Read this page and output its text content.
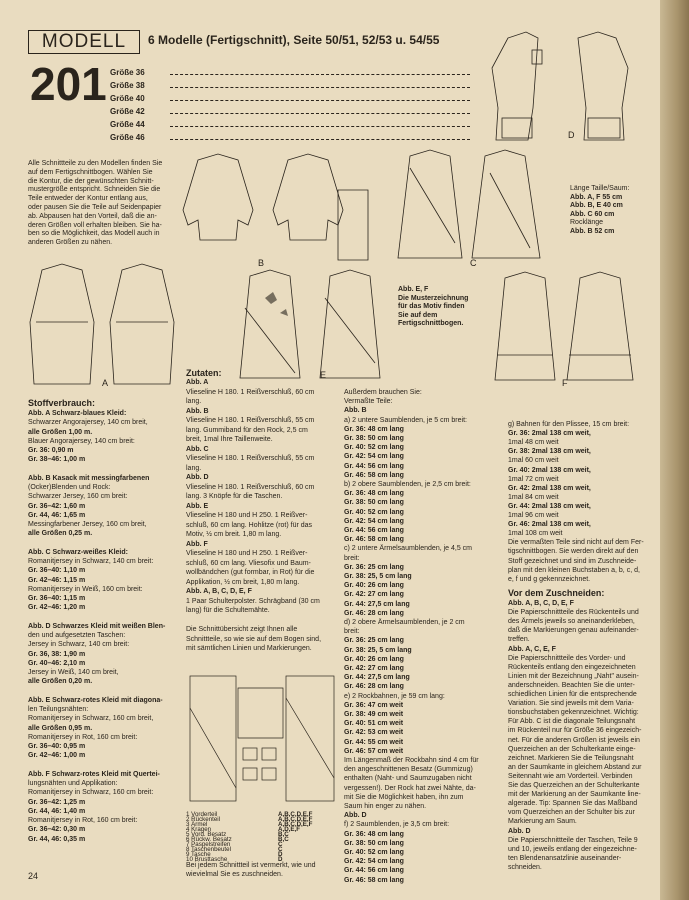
MODELL
201
6 Modelle (Fertigschnitt), Seite 50/51, 52/53 u. 54/55
Größe 36
Größe 38
Größe 40
Größe 42
Größe 44
Größe 46
Alle Schnittteile zu den Modellen finden Sie
auf dem Fertigschnittbogen. Wählen Sie
die Kontur, die der gewünschten Schnitt-
mustergröße entspricht. Schneiden Sie die
Teile entweder der Kontur entlang aus,
oder pausen Sie die Teile auf Seidenpapier
ab. Abpausen hat den Vorteil, daß die an-
deren Größen voll erhalten bleiben. Sie ha-
ben so die Möglichkeit, das Modell auch in
anderen Größen zu nähen.
D
B	C
Länge Taille/Saum:
Abb. A, F 55 cm
Abb. B, E 40 cm
Abb. C 60 cm
Rocklänge
Abb. B 52 cm
A
E
Abb. E, F
Die Musterzeichnung
für das Motiv finden
Sie auf dem
Fertigschnittbogen.
F
Stoffverbrauch:
Abb. A Schwarz-blaues Kleid:
Schwarzer Angorajersey, 140 cm breit,
alle Größen 1,00 m.
Blauer Angorajersey, 140 cm breit:
Gr. 36: 0,90 m
Gr. 38–46: 1,00 m
Abb. B Kasack mit messingfarbenen
(Ocker)Blenden und Rock:
Schwarzer Jersey, 160 cm breit:
Gr. 36–42: 1,60 m
Gr. 44, 46: 1,65 m
Messingfarbener Jersey, 160 cm breit,
alle Größen 0,25 m.
Abb. C Schwarz-weißes Kleid:
Romanitjersey in Schwarz, 140 cm breit:
Gr. 36–40: 1,10 m
Gr. 42–46: 1,15 m
Romanitjersey in Weiß, 160 cm breit:
Gr. 36–40: 1,15 m
Gr. 42–46: 1,20 m
Abb. D Schwarzes Kleid mit weißen Blen-
den und aufgesetzten Taschen:
Jersey in Schwarz, 140 cm breit:
Gr. 36, 38: 1,90 m
Gr. 40–46: 2,10 m
Jersey in Weiß, 140 cm breit,
alle Größen 0,20 m.
Abb. E Schwarz-rotes Kleid mit diagona-
len Teilungsnähten:
Romanitjersey in Schwarz, 160 cm breit,
alle Größen 0,95 m.
Romanitjersey in Rot, 160 cm breit:
Gr. 36–40: 0,95 m
Gr. 42–46: 1,00 m
Abb. F Schwarz-rotes Kleid mit Quertei-
lungsnähten und Applikation:
Romanitjersey in Schwarz, 160 cm breit:
Gr. 36–42: 1,25 m
Gr. 44, 46: 1,40 m
Romanitjersey in Rot, 160 cm breit:
Gr. 36–42: 0,30 m
Gr. 44, 46: 0,35 m
Zutaten:
Abb. A
Vlieseline H 180. 1 Reißverschluß, 60 cm
lang.
Abb. B
Vlieseline H 180. 1 Reißverschluß, 55 cm
lang. Gummiband für den Rock, 2,5 cm
breit, 1mal Ihre Taillenweite.
Abb. C
Vlieseline H 180. 1 Reißverschluß, 55 cm
lang.
Abb. D
Vlieseline H 180. 1 Reißverschluß, 60 cm
lang. 3 Knöpfe für die Taschen.
Abb. E
Vlieseline H 180 und H 250. 1 Reißver-
schluß, 60 cm lang. Hohlitze (rot) für das
Motiv, ½ cm breit. 1,80 m lang.
Abb. F
Vlieseline H 180 und H 250. 1 Reißver-
schluß, 60 cm lang. Vliesofix und Baum-
wollbändchen (gut formbar, in Rot) für die
Applikation, ½ cm breit, 1,80 m lang.
Abb. A, B, C, D, E, F
1 Paar Schulterpolster. Schrägband (30 cm
lang) für die Schultemähte.
Die Schnittübersicht zeigt Ihnen alle
Schnittteile, so wie sie auf dem Bogen sind,
mit sämtlichen Linien und Markierungen.
1 Vorderteil	A,B,C,D,E,F
2 Rückenteil	A,B,C,D,E,F
3 Ärmel	A,B,C,D,E,F
4 Kragen	A,D,E,F
5 Vord. Besatz	B,C
6 Rückw. Besatz	B,C
7 Paspelstreifen	C
8 Taschenbeutel	C
9 Tasche	D
10 Brusttasche	D
Bei jedem Schnittteil ist vermerkt, wie und
wievielmal Sie es zuschneiden.
Außerdem brauchen Sie:
Vermaßte Teile:
Abb. B
a) 2 untere Saumblenden, je 5 cm breit:
Gr. 36: 48 cm lang
Gr. 38: 50 cm lang
Gr. 40: 52 cm lang
Gr. 42: 54 cm lang
Gr. 44: 56 cm lang
Gr. 46: 58 cm lang
b) 2 obere Saumblenden, je 2,5 cm breit:
Gr. 36: 48 cm lang
Gr. 38: 50 cm lang
Gr. 40: 52 cm lang
Gr. 42: 54 cm lang
Gr. 44: 56 cm lang
Gr. 46: 58 cm lang
c) 2 untere Ärmelsaumblenden, je 4,5 cm
breit:
Gr. 36: 25 cm lang
Gr. 38: 25, 5 cm lang
Gr. 40: 26 cm lang
Gr. 42: 27 cm lang
Gr. 44: 27,5 cm lang
Gr. 46: 28 cm lang
d) 2 obere Ärmelsaumblenden, je 2 cm
breit:
Gr. 36: 25 cm lang
Gr. 38: 25, 5 cm lang
Gr. 40: 26 cm lang
Gr. 42: 27 cm lang
Gr. 44: 27,5 cm lang
Gr. 46: 28 cm lang
e) 2 Rockbahnen, je 59 cm lang:
Gr. 36: 47 cm weit
Gr. 38: 49 cm weit
Gr. 40: 51 cm weit
Gr. 42: 53 cm weit
Gr. 44: 55 cm weit
Gr. 46: 57 cm weit
Im Längenmaß der Rockbahn sind 4 cm für
den angeschnittenen Besatz (Gummizug)
enthalten (Naht- und Saumzugaben nicht
vergessen!). Der Rock hat zwei Nähte, da-
mit Sie die Möglichkeit haben, ihn zum
Saum hin enger zu nähen.
Abb. D
f) 2 Saumblenden, je 3,5 cm breit:
Gr. 36: 48 cm lang
Gr. 38: 50 cm lang
Gr. 40: 52 cm lang
Gr. 42: 54 cm lang
Gr. 44: 56 cm lang
Gr. 46: 58 cm lang
g) Bahnen für den Plissee, 15 cm breit:
Gr. 36: 2mal 138 cm weit,
1mal 48 cm weit
Gr. 38: 2mal 138 cm weit,
1mal 60 cm weit
Gr. 40: 2mal 138 cm weit,
1mal 72 cm weit
Gr. 42: 2mal 138 cm weit,
1mal 84 cm weit
Gr. 44: 2mal 138 cm weit,
1mal 96 cm weit
Gr. 46: 2mal 138 cm weit,
1mal 108 cm weit
Die vermaßten Teile sind nicht auf dem Fer-
tigschnittbogen. Sie werden direkt auf den
Stoff gezeichnet und sind im Zuschneide-
plan mit den kleinen Buchstaben a, b, c, d,
e, f und g gekennzeichnet.
Vor dem Zuschneiden:
Abb. A, B, C, D, E, F
Die Papierschnittteile des Rückenteils und
des Ärmels jeweils so aneinanderkleben,
daß die Markierungen genau aufeinander-
treffen.
Abb. A, C, E, F
Die Papierschnittteile des Vorder- und
Rückenteils entlang den eingezeichneten
Linien mit der Bezeichnung „Naht" ausein-
anderschneiden. Beachten Sie die unter-
schiedlichen Linien für die entsprechende
Variation. Sie sind jeweils mit dem Varia-
tionsbuchstaben gekennzeichnet. Wichtig:
Für Abb. C ist die diagonale Teilungsnaht
im Rückenteil nur für Größe 36 eingezeich-
net. Für die anderen Größen ist jeweils ein
Querzeichen an der Schulterkante einge-
zeichnet. Markieren Sie die Teilungsnaht
an der Saumkante in gleichem Abstand zur
Seitennaht wie am Vorderteil. Verbinden
Sie das Querzeichen an der Schulterkante
mit der Markierung an der Saumkante line-
algerade. Tip: Spannen Sie das Maßband
vom Querzeichen an der Schulter bis zur
Markierung am Saum.
Abb. D
Die Papierschnittteile der Taschen, Teile 9
und 10, jeweils entlang der eingezeichne-
ten Blendenansatzlinie auseinander-
schneiden.
24
